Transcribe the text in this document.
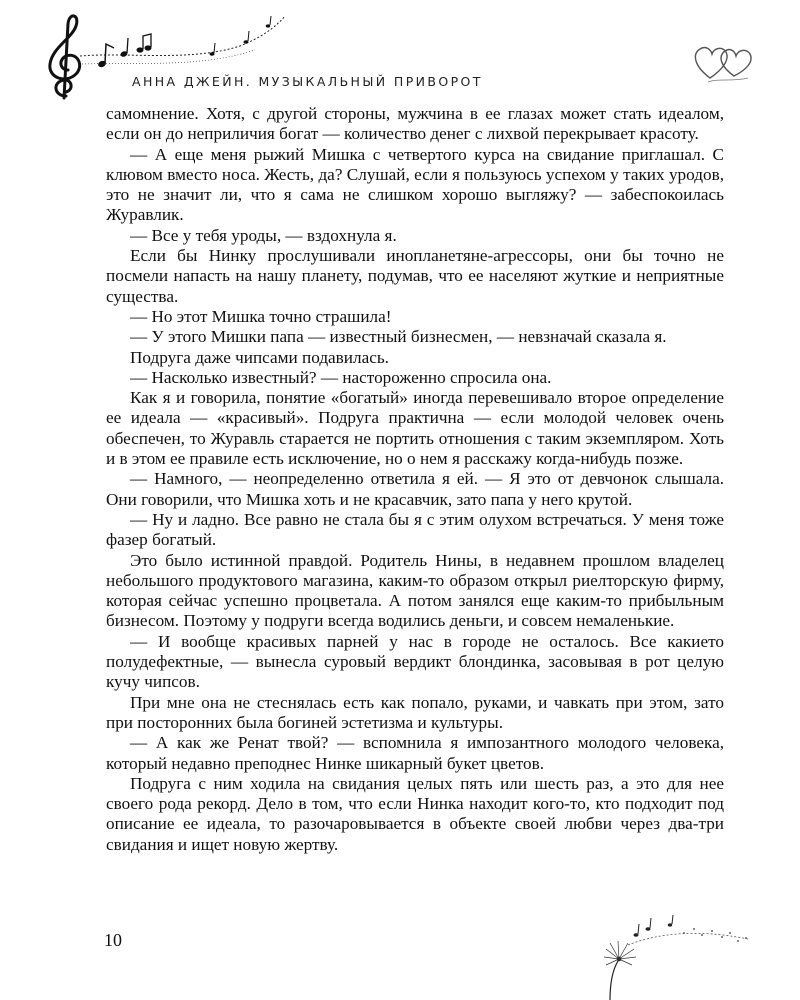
АННА ДЖЕЙН. МУЗЫКАЛЬНЫЙ ПРИВОРОТ

самомнение. Хотя, с другой стороны, мужчина в ее глазах может стать идеалом, если он до неприличия богат — количество денег с лихвой перекрывает красоту.

— А еще меня рыжий Мишка с четвертого курса на свидание приглашал. С клювом вместо носа. Жесть, да? Слушай, если я пользуюсь успехом у таких уродов, это не значит ли, что я сама не слишком хорошо выгляжу? — забеспокоилась Журавлик.

— Все у тебя уроды, — вздохнула я.

Если бы Нинку прослушивали инопланетяне-агрессоры, они бы точно не посмели напасть на нашу планету, подумав, что ее населяют жуткие и неприятные существа.

— Но этот Мишка точно страшила!

— У этого Мишки папа — известный бизнесмен, — невзначай сказала я.

Подруга даже чипсами подавилась.

— Насколько известный? — настороженно спросила она.

Как я и говорила, понятие «богатый» иногда перевешивало второе определение ее идеала — «красивый». Подруга практична — если молодой человек очень обеспечен, то Журавль старается не портить отношения с таким экземпляром. Хоть и в этом ее правиле есть исключение, но о нем я расскажу когда-нибудь позже.

— Намного, — неопределенно ответила я ей. — Я это от девчонок слышала. Они говорили, что Мишка хоть и не красавчик, зато папа у него крутой.

— Ну и ладно. Все равно не стала бы я с этим олухом встречаться. У меня тоже фазер богатый.

Это было истинной правдой. Родитель Нины, в недавнем прошлом владелец небольшого продуктового магазина, каким-то образом открыл риелторскую фирму, которая сейчас успешно процветала. А потом занялся еще каким-то прибыльным бизнесом. Поэтому у подруги всегда водились деньги, и совсем немаленькие.

— И вообще красивых парней у нас в городе не осталось. Все какието полудефектные, — вынесла суровый вердикт блондинка, засовывая в рот целую кучу чипсов.

При мне она не стеснялась есть как попало, руками, и чавкать при этом, зато при посторонних была богиней эстетизма и культуры.

— А как же Ренат твой? — вспомнила я импозантного молодого человека, который недавно преподнес Нинке шикарный букет цветов.

Подруга с ним ходила на свидания целых пять или шесть раз, а это для нее своего рода рекорд. Дело в том, что если Нинка находит кого-то, кто подходит под описание ее идеала, то разочаровывается в объекте своей любви через два-три свидания и ищет новую жертву.

10
